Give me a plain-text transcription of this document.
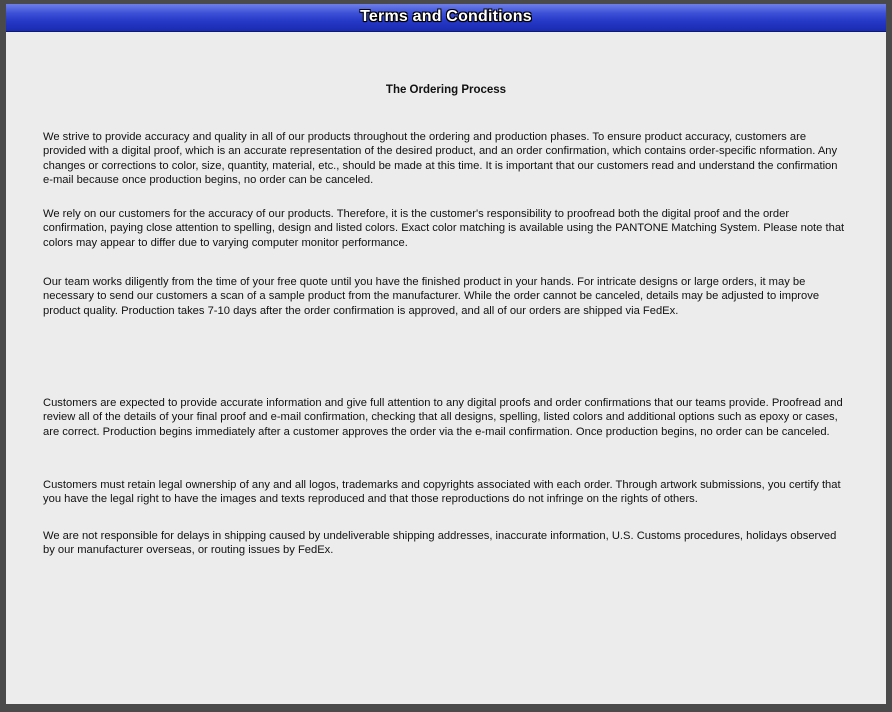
Terms and Conditions
The Ordering Process

We strive to provide accuracy and quality in all of our products throughout the ordering and production phases. To ensure product accuracy, customers are provided with a digital proof, which is an accurate representation of the desired product, and an order confirmation, which contains order-specific nformation. Any changes or corrections to color, size, quantity, material, etc., should be made at this time. It is important that our customers read and understand the confirmation e-mail because once production begins, no order can be canceled.

We rely on our customers for the accuracy of our products. Therefore, it is the customer's responsibility to proofread both the digital proof and the order confirmation, paying close attention to spelling, design and listed colors. Exact color matching is available using the PANTONE Matching System. Please note that colors may appear to differ due to varying computer monitor performance.

Our team works diligently from the time of your free quote until you have the finished product in your hands. For intricate designs or large orders, it may be necessary to send our customers a scan of a sample product from the manufacturer. While the order cannot be canceled, details may be adjusted to improve product quality. Production takes 7-10 days after the order confirmation is approved, and all of our orders are shipped via FedEx.

Customers are expected to provide accurate information and give full attention to any digital proofs and order confirmations that our teams provide. Proofread and review all of the details of your final proof and e-mail confirmation, checking that all designs, spelling, listed colors and additional options such as epoxy or cases, are correct. Production begins immediately after a customer approves the order via the e-mail confirmation. Once production begins, no order can be canceled.

Customers must retain legal ownership of any and all logos, trademarks and copyrights associated with each order. Through artwork submissions, you certify that you have the legal right to have the images and texts reproduced and that those reproductions do not infringe on the rights of others.

We are not responsible for delays in shipping caused by undeliverable shipping addresses, inaccurate information, U.S. Customs procedures, holidays observed by our manufacturer overseas, or routing issues by FedEx.
